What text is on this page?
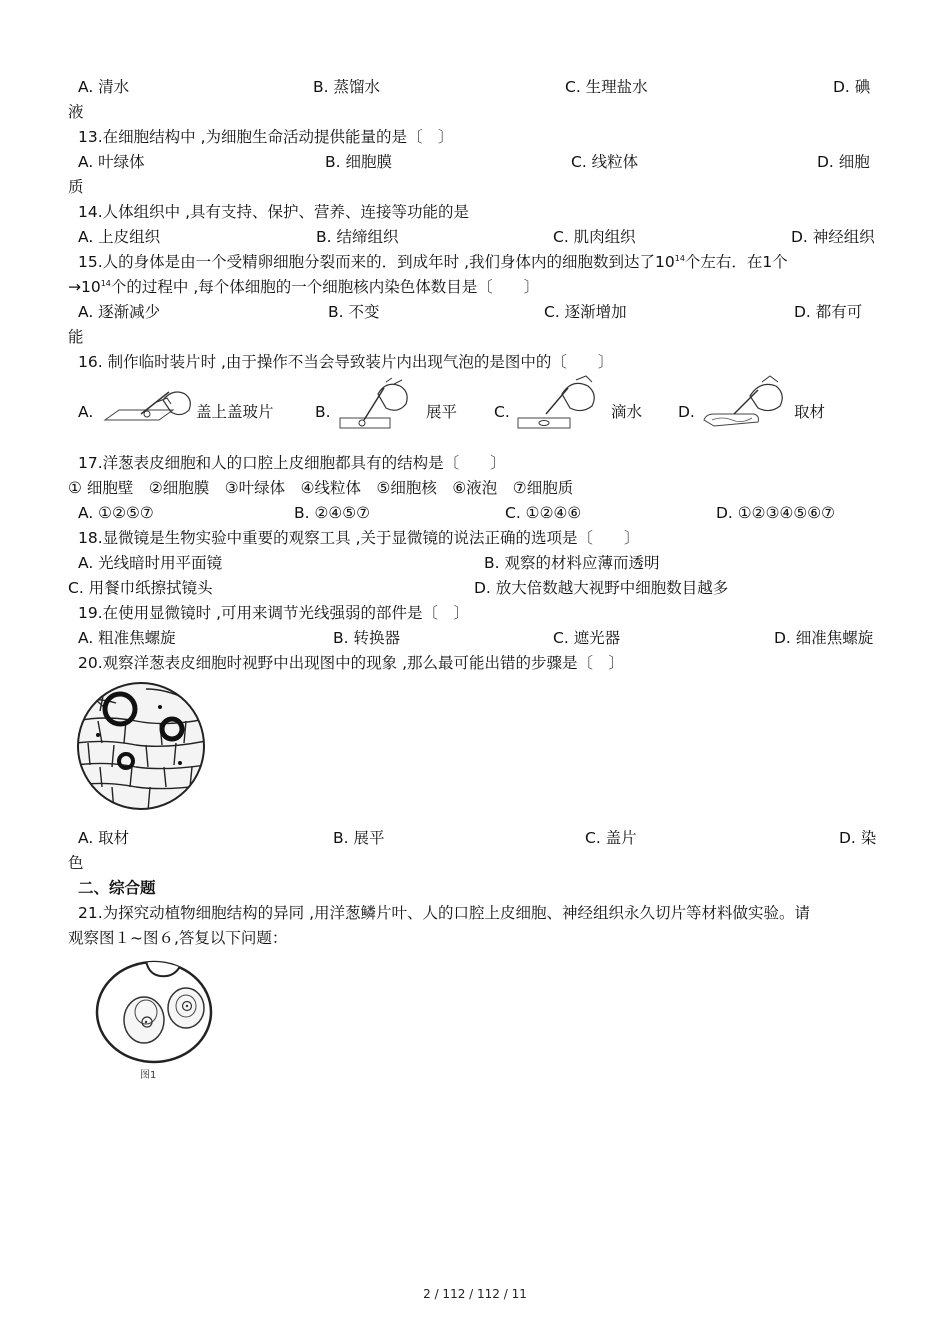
A. 清水	B. 蒸馏水	C. 生理盐水	D. 碘
液
13.在细胞结构中 ,为细胞生命活动提供能量的是〔　〕
A. 叶绿体	B. 细胞膜	C. 线粒体	D. 细胞
质
14.人体组织中 ,具有支持、保护、营养、连接等功能的是
A. 上皮组织	B. 结缔组织	C. 肌肉组织	D. 神经组织
15.人的身体是由一个受精卵细胞分裂而来的．到成年时 ,我们身体内的细胞数到达了$10^{14}$个左右．在1个
$\to 10^{14}$个的过程中 ,每个体细胞的一个细胞核内染色体数目是〔　　〕
A. 逐渐减少	B. 不变	C. 逐渐增加	D. 都有可
能
16. 制作临时装片时 ,由于操作不当会导致装片内出现气泡的是图中的〔　　〕
A.	盖上盖玻片	B.	展平 C.	滴水 D.	取材
17.洋葱表皮细胞和人的口腔上皮细胞都具有的结构是〔　　〕
① 细胞壁　②细胞膜　③叶绿体　④线粒体　⑤细胞核　⑥液泡　⑦细胞质
A. ①②⑤⑦	B. ②④⑤⑦	C. ①②④⑥	D. ①②③④⑤⑥⑦
18.显微镜是生物实验中重要的观察工具 ,关于显微镜的说法正确的选项是〔　　〕
A. 光线暗时用平面镜	B. 观察的材料应薄而透明
C. 用餐巾纸擦拭镜头	D. 放大倍数越大视野中细胞数目越多
19.在使用显微镜时 ,可用来调节光线强弱的部件是〔　〕
A. 粗准焦螺旋	B. 转换器	C. 遮光器	D. 细准焦螺旋
20.观察洋葱表皮细胞时视野中出现图中的现象 ,那么最可能出错的步骤是〔　〕
A. 取材	B. 展平	C. 盖片	D. 染
色
二、综合题
21.为探究动植物细胞结构的异同 ,用洋葱鳞片叶、人的口腔上皮细胞、神经组织永久切片等材料做实验。请
观察图１~图６,答复以下问题：
图1
2 / 112 / 112 / 11
